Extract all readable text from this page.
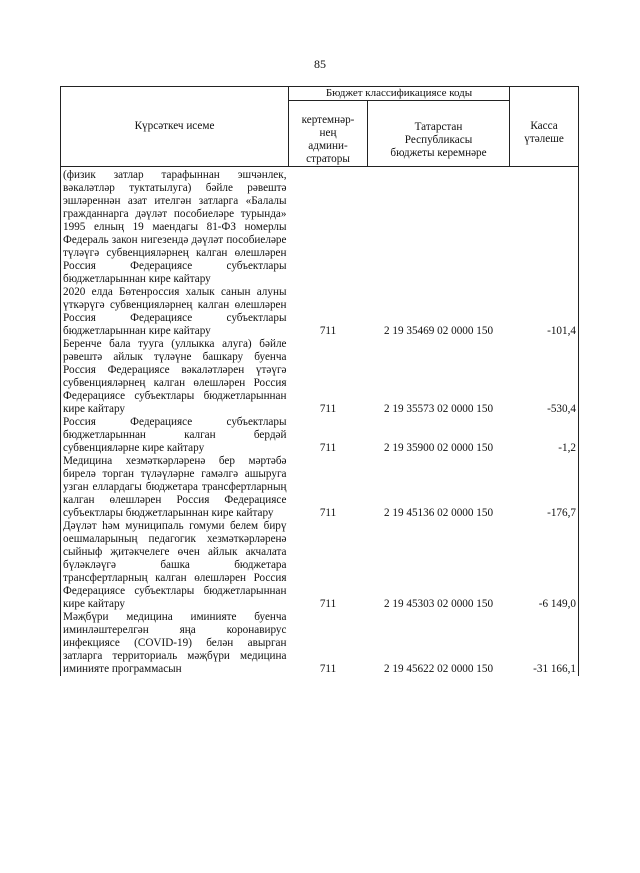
85
Күрсәткеч исеме	Бюджет классификациясе коды		Касса
үтәлеше

кертемнәр-
нең
админи-
страторы	Татарстан
Республикасы
бюджеты керемнәре	

(физик затлар тарафыннан эшчәнлек, вәкаләтләр туктатылуга) бәйле рәвештә эшләреннән азат ителгән затларга «Балалы гражданнарга дәүләт пособиеләре турында» 1995 елның 19 маендагы 81-ФЗ номерлы Федераль закон нигезендә дәүләт пособиеләре түләүгә субвенцияләрнең калган өлешләрен Россия Федерациясе субъектлары бюджетларыннан кире кайтару			
2020 елда Бөтенроссия халык санын алуны үткәрүгә субвенцияләрнең калган өлешләрен Россия Федерациясе субъектлары бюджетларыннан кире кайтару	711	2 19 35469 02 0000 150	-101,4
Беренче бала туугa (уллыкка алуга) бәйле рәвештә айлык түләүне башкару буенча Россия Федерациясе вәкаләтләрен үтәүгә субвенцияләрнең калган өлешләрен Россия Федерациясе субъектлары бюджетларыннан кире кайтару	711	2 19 35573 02 0000 150	-530,4
Россия Федерациясе субъектлары бюджетларыннан калган бердәй субвенцияләрне кире кайтару	711	2 19 35900 02 0000 150	-1,2
Медицина хезмәткәрләренә бер мәртәбә бирелә торган түләүләрне гамәлгә ашыруга узган еллардагы бюджетара трансфертларның калган өлешләрен Россия Федерациясе субъектлары бюджетларыннан кире кайтару	711	2 19 45136 02 0000 150	-176,7
Дәүләт һәм муниципаль гомуми белем бирү оешмаларының педагогик хезмәткәрләренә сыйныф җитәкчелеге өчен айлык акчалата бүләкләүгә башка бюджетара трансфертларның калган өлешләрен Россия Федерациясе субъектлары бюджетларыннан кире кайтару	711	2 19 45303 02 0000 150	-6 149,0
Мәҗбүри медицина иминияте буенча иминләштерелгән яңа коронавирус инфекциясе (COVID-19) белән авырган затларга территориаль мәҗбүри медицина иминияте программасын	711	2 19 45622 02 0000 150	-31 166,1
